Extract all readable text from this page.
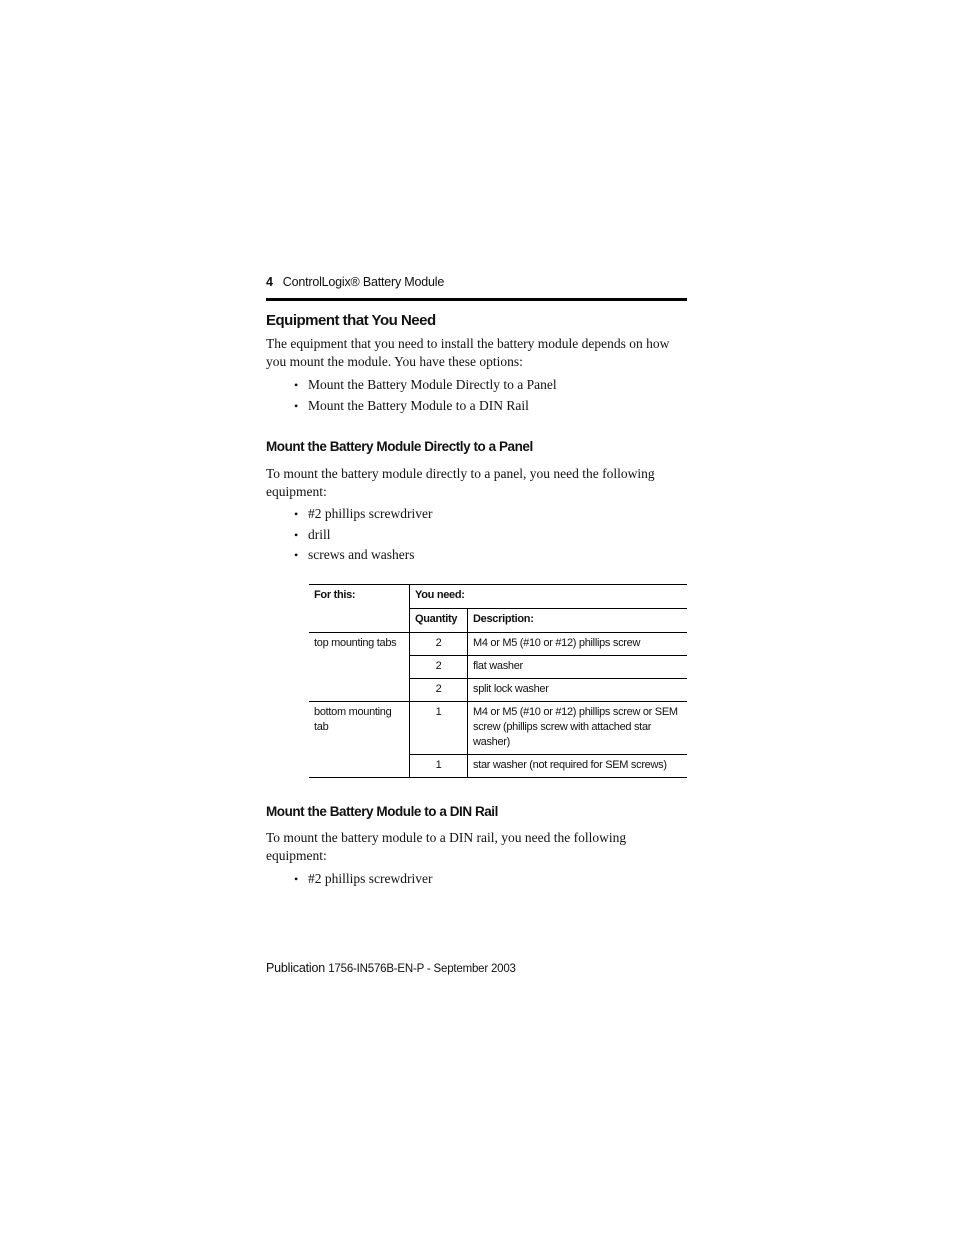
4 ControlLogix® Battery Module
Equipment that You Need

The equipment that you need to install the battery module depends on how you mount the module. You have these options:

• Mount the Battery Module Directly to a Panel
• Mount the Battery Module to a DIN Rail
Mount the Battery Module Directly to a Panel

To mount the battery module directly to a panel, you need the following equipment:

• #2 phillips screwdriver
• drill
• screws and washers
For this:	You need:	
	Quantity	Description:
top mounting tabs	2	M4 or M5 (#10 or #12) phillips screw
	2	flat washer
	2	split lock washer
bottom mounting tab	1	M4 or M5 (#10 or #12) phillips screw or SEM screw (phillips screw with attached star washer)
	1	star washer (not required for SEM screws)
Mount the Battery Module to a DIN Rail

To mount the battery module to a DIN rail, you need the following equipment:

• #2 phillips screwdriver
Publication 1756-IN576B-EN-P - September 2003
